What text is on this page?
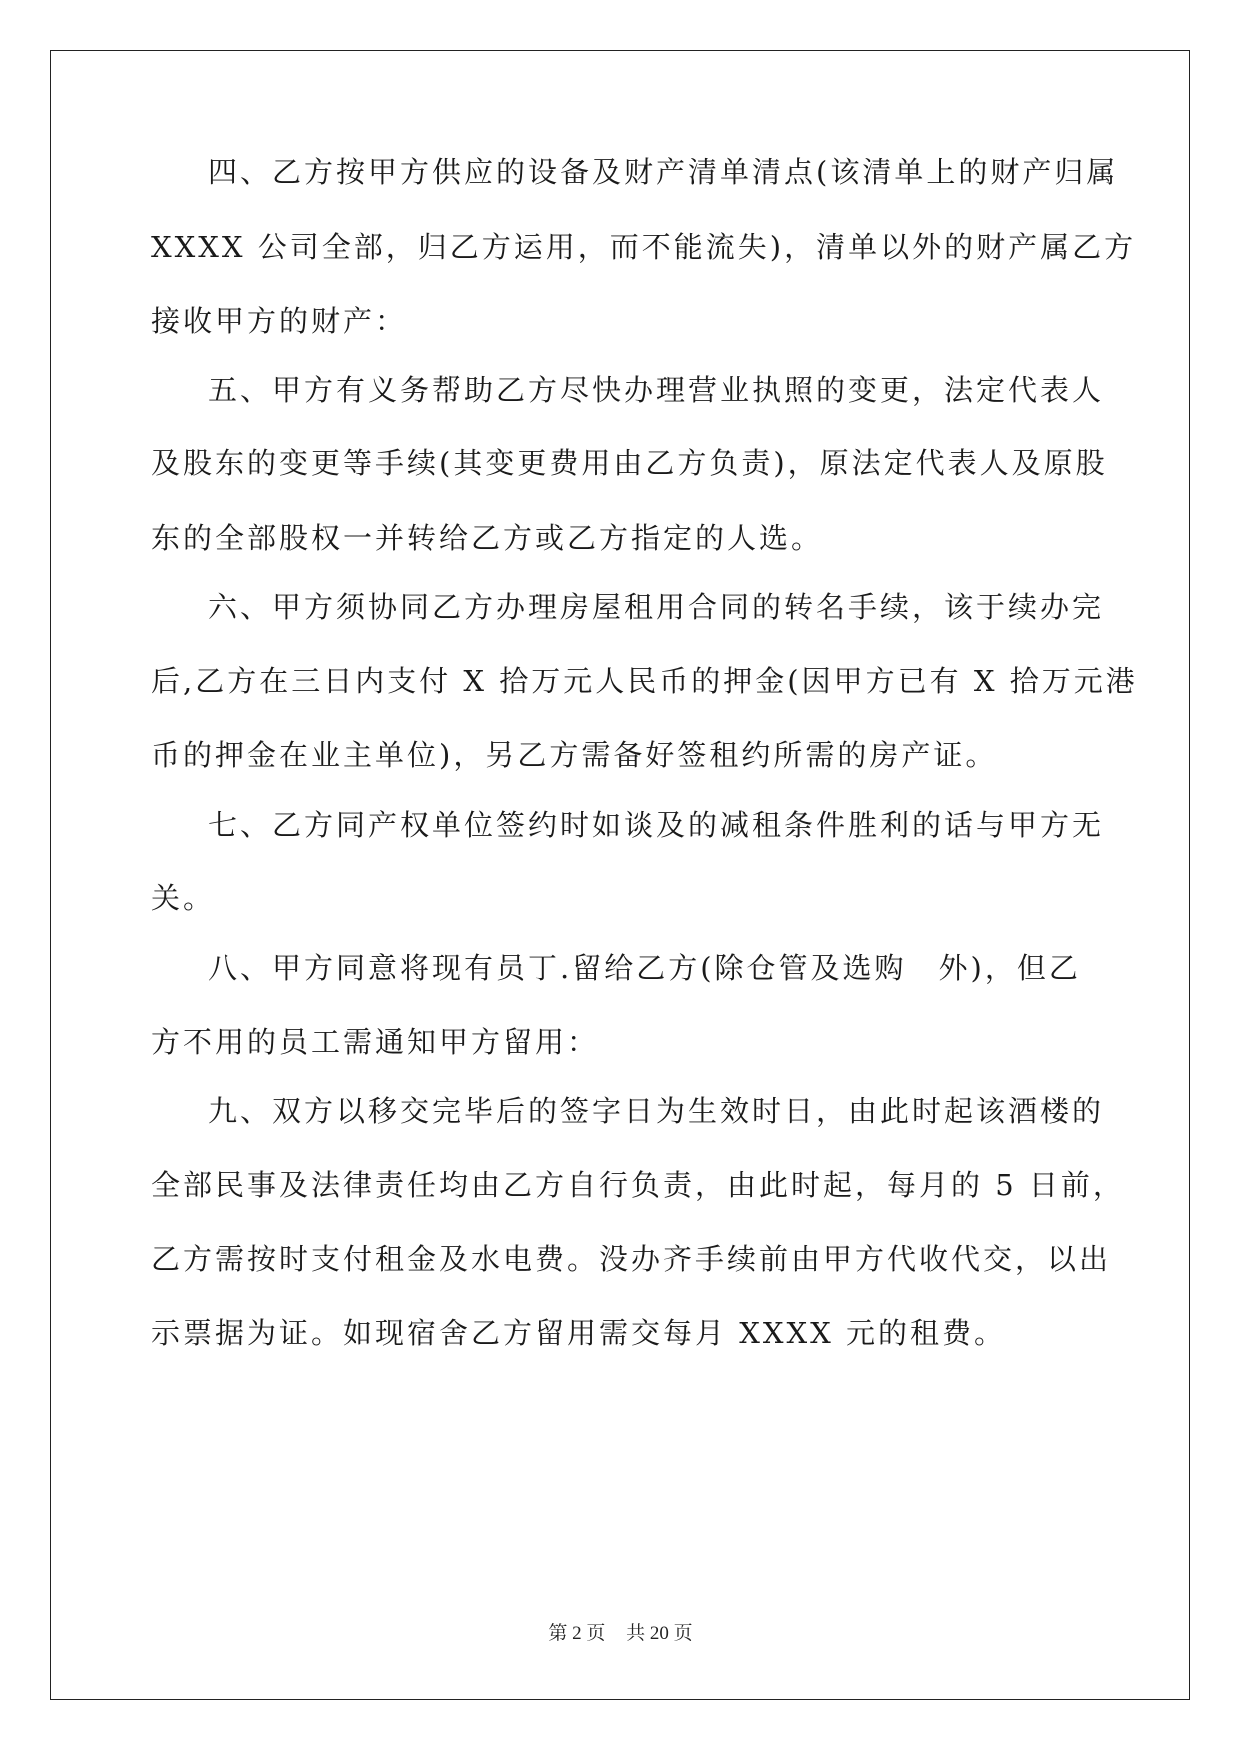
四、乙方按甲方供应的设备及财产清单清点(该清单上的财产归属
XXXX 公司全部，归乙方运用，而不能流失)，清单以外的财产属乙方
接收甲方的财产：
五、甲方有义务帮助乙方尽快办理营业执照的变更，法定代表人
及股东的变更等手续(其变更费用由乙方负责)，原法定代表人及原股
东的全部股权一并转给乙方或乙方指定的人选。
六、甲方须协同乙方办理房屋租用合同的转名手续，该于续办完
后,乙方在三日内支付 X 拾万元人民币的押金(因甲方已有 X 拾万元港
币的押金在业主单位)，另乙方需备好签租约所需的房产证。
七、乙方同产权单位签约时如谈及的减租条件胜利的话与甲方无
关。
八、甲方同意将现有员丁.留给乙方(除仓管及选购　外)，但乙
方不用的员工需通知甲方留用：
九、双方以移交完毕后的签字日为生效时日，由此时起该酒楼的
全部民事及法律责任均由乙方自行负责，由此时起，每月的 5 日前，
乙方需按时支付租金及水电费。没办齐手续前由甲方代收代交，以出
示票据为证。如现宿舍乙方留用需交每月 XXXX 元的租费。
第 2 页 共 20 页
